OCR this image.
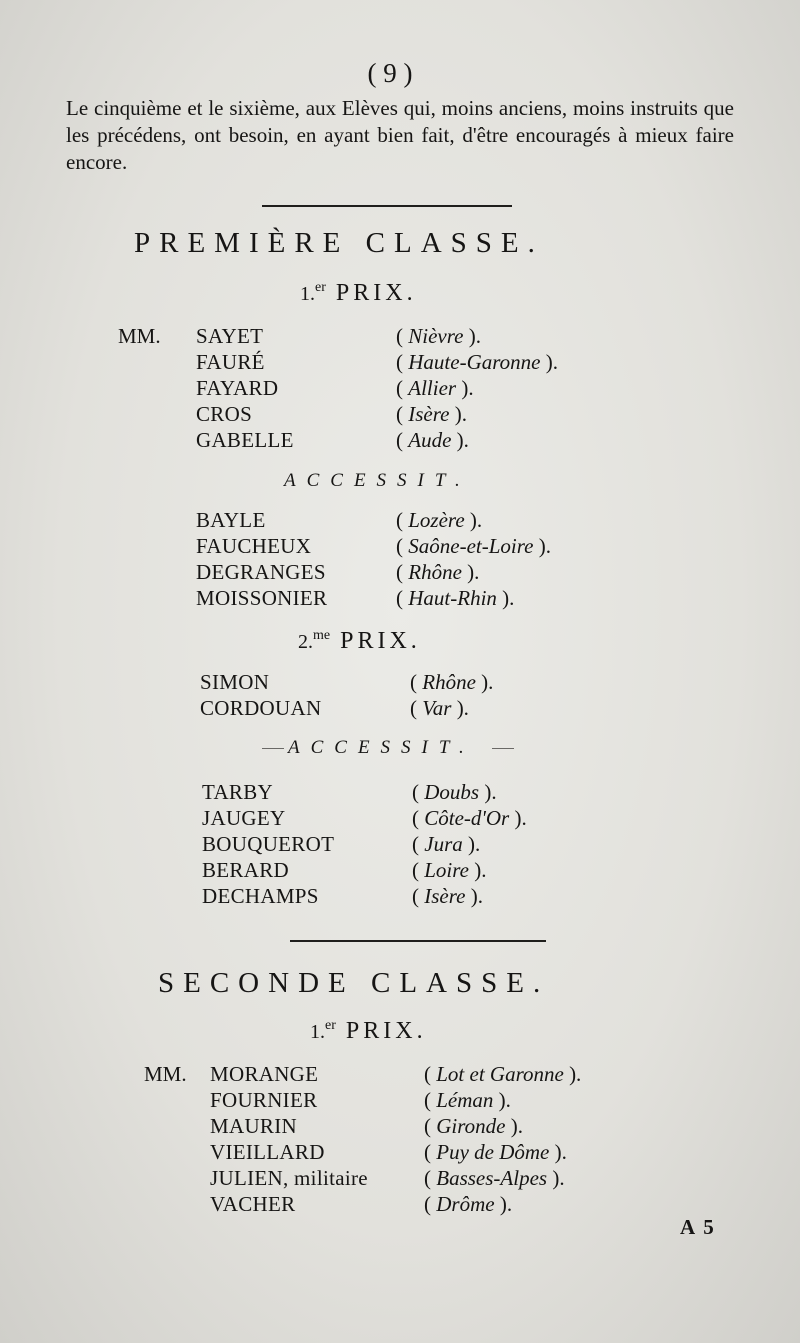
( 9 )
Le cinquième et le sixième, aux Elèves qui, moins anciens, moins instruits que les précédens, ont besoin, en ayant bien fait, d'être encouragés à mieux faire encore.
PREMIÈRE CLASSE.
1.$^{er}$ PRIX.
MM. SAYET	( Nièvre ).
FAURÉ	( Haute-Garonne ).
FAYARD	( Allier ).
CROS	( Isère ).
GABELLE	( Aude ).
ACCESSIT.
BAYLE	( Lozère ).
FAUCHEUX	( Saône-et-Loire ).
DEGRANGES	( Rhône ).
MOISSONIER	( Haut-Rhin ).
2.$^{me}$ PRIX.
SIMON	( Rhône ).
CORDOUAN	( Var ).
ACCESSIT.
TARBY	( Doubs ).
JAUGEY	( Côte-d'Or ).
BOUQUEROT	( Jura ).
BERARD	( Loire ).
DECHAMPS	( Isère ).
SECONDE CLASSE.
1.$^{er}$ PRIX.
MM. MORANGE	( Lot et Garonne ).
FOURNIER	( Léman ).
MAURIN	( Gironde ).
VIEILLARD	( Puy de Dôme ).
JULIEN, militaire	( Basses-Alpes ).
VACHER	( Drôme ).
A 5
